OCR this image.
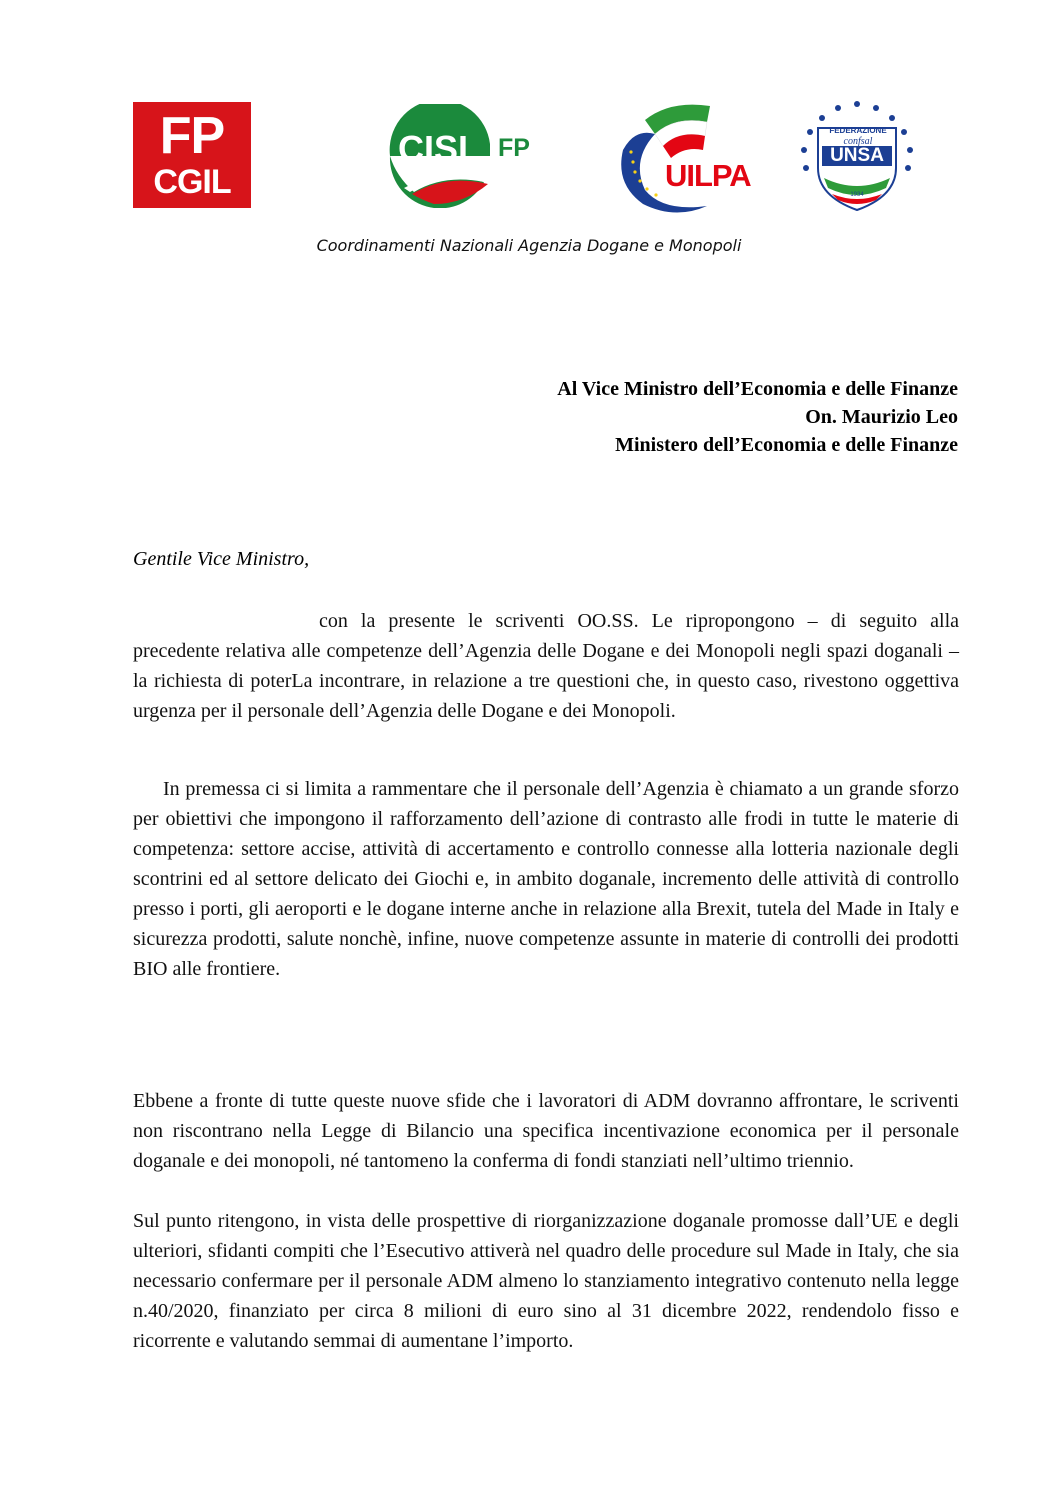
FP
CGIL
CISL FP
UILPA
FEDERAZIONE
confsal
UNSA
1934
Coordinamenti Nazionali Agenzia Dogane e Monopoli
Al Vice Ministro dell’Economia e delle Finanze
On. Maurizio Leo
Ministero dell’Economia e delle Finanze
Gentile Vice Ministro,
con la presente le scriventi OO.SS. Le ripropongono – di seguito alla precedente relativa alle competenze dell’Agenzia delle Dogane e dei Monopoli negli spazi doganali – la richiesta di poterLa incontrare, in relazione a tre questioni che, in questo caso, rivestono oggettiva urgenza per il personale dell’Agenzia delle Dogane e dei Monopoli.
In premessa ci si limita a rammentare che il personale dell’Agenzia è chiamato a un grande sforzo per obiettivi che impongono il rafforzamento dell’azione di contrasto alle frodi in tutte le materie di competenza: settore accise, attività di accertamento e controllo connesse alla lotteria nazionale degli scontrini ed al settore delicato dei Giochi e, in ambito doganale, incremento delle attività di controllo presso i porti, gli aeroporti e le dogane interne anche in relazione alla Brexit, tutela del Made in Italy e sicurezza prodotti, salute nonchè, infine, nuove competenze assunte in materie di controlli dei prodotti BIO alle frontiere.
Ebbene a fronte di tutte queste nuove sfide che i lavoratori di ADM dovranno affrontare, le scriventi non riscontrano nella Legge di Bilancio una specifica incentivazione economica per il personale doganale e dei monopoli, né tantomeno la conferma di fondi stanziati nell’ultimo triennio.
Sul punto ritengono, in vista delle prospettive di riorganizzazione doganale promosse dall’UE e degli ulteriori, sfidanti compiti che l’Esecutivo attiverà nel quadro delle procedure sul Made in Italy, che sia necessario confermare per il personale ADM almeno lo stanziamento integrativo contenuto nella legge n.40/2020, finanziato per circa 8 milioni di euro sino al 31 dicembre 2022, rendendolo fisso e ricorrente e valutando semmai di aumentane l’importo.
